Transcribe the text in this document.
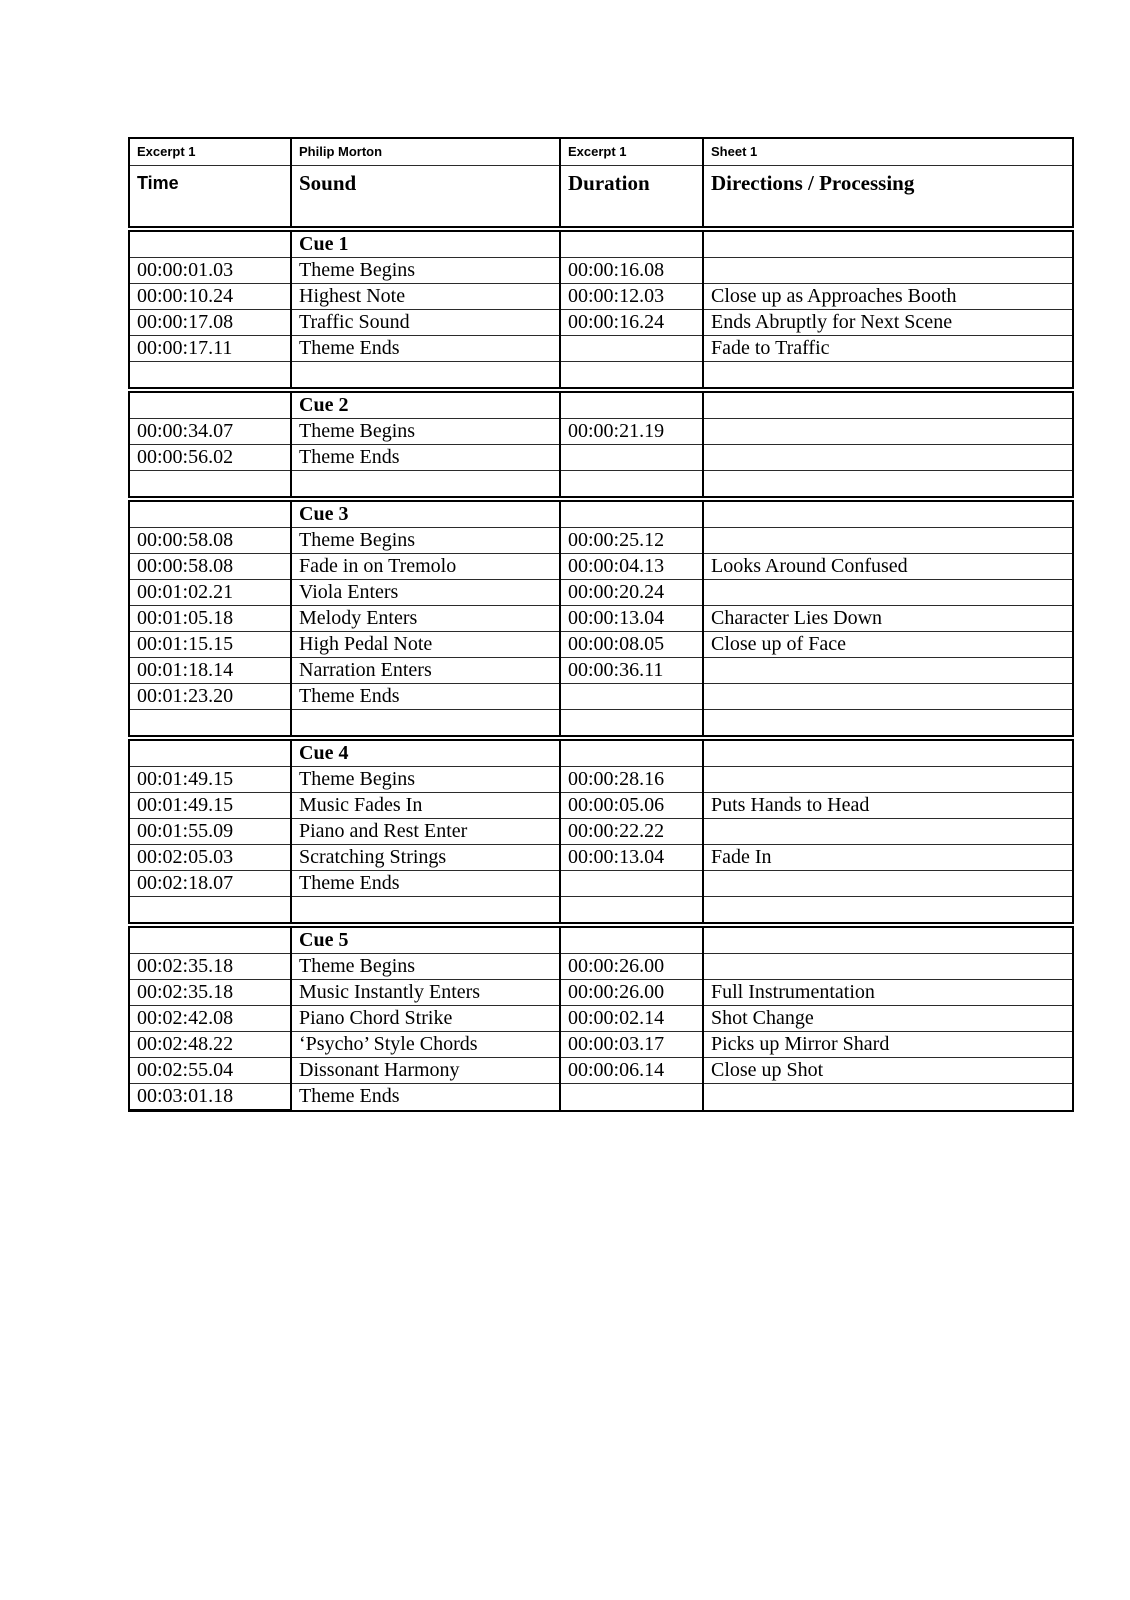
Excerpt 1	Philip Morton	Excerpt 1	Sheet 1
Time	Sound	Duration	Directions / Processing
	Cue 1		
00:00:01.03	Theme Begins	00:00:16.08	
00:00:10.24	Highest Note	00:00:12.03	Close up as Approaches Booth
00:00:17.08	Traffic Sound	00:00:16.24	Ends Abruptly for Next Scene
00:00:17.11	Theme Ends		Fade to Traffic

	Cue 2		
00:00:34.07	Theme Begins	00:00:21.19	
00:00:56.02	Theme Ends		

	Cue 3		
00:00:58.08	Theme Begins	00:00:25.12	
00:00:58.08	Fade in on Tremolo	00:00:04.13	Looks Around Confused
00:01:02.21	Viola Enters	00:00:20.24	
00:01:05.18	Melody Enters	00:00:13.04	Character Lies Down
00:01:15.15	High Pedal Note	00:00:08.05	Close up of Face
00:01:18.14	Narration Enters	00:00:36.11	
00:01:23.20	Theme Ends		

	Cue 4		
00:01:49.15	Theme Begins	00:00:28.16	
00:01:49.15	Music Fades In	00:00:05.06	Puts Hands to Head
00:01:55.09	Piano and Rest Enter	00:00:22.22	
00:02:05.03	Scratching Strings	00:00:13.04	Fade In
00:02:18.07	Theme Ends		

	Cue 5		
00:02:35.18	Theme Begins	00:00:26.00	
00:02:35.18	Music Instantly Enters	00:00:26.00	Full Instrumentation
00:02:42.08	Piano Chord Strike	00:00:02.14	Shot Change
00:02:48.22	‘Psycho’ Style Chords	00:00:03.17	Picks up Mirror Shard
00:02:55.04	Dissonant Harmony	00:00:06.14	Close up Shot
00:03:01.18	Theme Ends		
